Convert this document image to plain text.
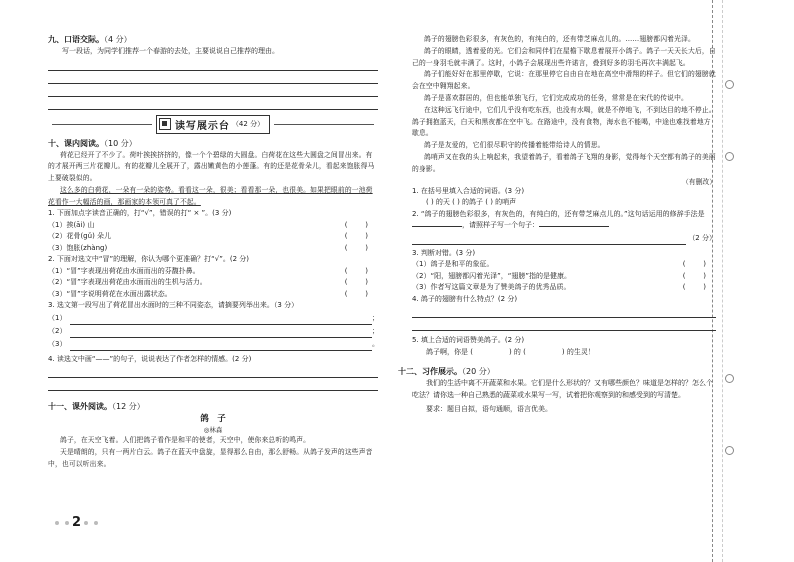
九、口语交际。（4 分）

写一段话，为同学们推荐一个春游的去处，主要说说自己推荐的理由。

读写展示台 （42 分）

十、课内阅读。（10 分）

荷花已经开了不少了。荷叶挨挨挤挤的，像一个个碧绿的大圆盘。白荷花在这些大圆盘之间冒出来。有的才展开两三片花瓣儿。有的花瓣儿全展开了，露出嫩黄色的小莲蓬。有的还是花骨朵儿，看起来饱胀得马上要破裂似的。

这么多的白荷花，一朵有一朵的姿势。看看这一朵，很美；看看那一朵，也很美。如果把眼前的一池荷花看作一大幅活的画，那画家的本领可真了不起。

1. 下面加点字读音正确的，打“√”，错误的打“ × ”。(3 分)

（1）挨(āi) 山	(        )
（2）花骨(gǔ) 朵儿	(        )
（3）饱胀(zhàng)	(        )

2. 下面对选文中“冒”的理解，你认为哪个更准确？打“√”。(2 分)

（1）“冒”字表现出荷花由水面而出的芬馥扑鼻。	(        )
（2）“冒”字表现出荷花由水面而出的生机与活力。	(        )
（3）“冒”字说明荷花在水面出露状态。	(        )

3. 选文第一段写出了荷花冒出水面时的三种不同姿态，请摘要列举出来。（3 分）

（1）	；
（2）	；
（3）	。

4. 读选文中画“——”的句子，说说表达了作者怎样的情感。(2 分)

十一、课外阅读。（12 分）

鸽　子
◎林森

鸽子，在天空飞着。人们把鸽子看作是和平的使者，天空中，使你来总听的鸣声。

天是晴朗的，只有一两片白云。鸽子在蓝天中盘旋，显得那么自由，那么舒畅。从鸽子发声的这些声音中，也可以听出来。

2

鸽子的翅膀色彩很多，有灰色的，有纯白的，还有带芝麻点儿的。……翅膀都闪着光泽。

鸽子的眼睛，透着爱的光。它们会和同伴们在屋檐下歇息着展开小鸽子。鸽子一天天长大后，自己的一身羽毛就丰满了。这时，小鸽子会展现出些许诺言，叠到好多的羽毛再次丰满起飞。

鸽子们能好好在那里停歇，它说：在那里停它自由自在地在高空中滑翔的样子。但它们的翅膀就会在空中翱翔起来。

鸽子是喜欢群居的，但也能单独飞行，它们完成成功的任务，常常是在宋代的传说中。

在这种远飞行途中，它们几乎没有吃东西，也没有水喝，就是不停地飞，不到达目的地不停止。鸽子拥抱蓝天，白天和黑夜都在空中飞。在路途中，没有食物，海水也不能喝，中途也难找着地方歇息。

鸽子是友爱的，它们很尽职守的传播着能带给诗人的情思。

鸽哨声又在我的头上响起来，我望着鸽子，看着鸽子飞翔的身影，觉得每个天空都有鸽子的美丽的身影。

（有删改）

1. 在括号里填入合适的词语。(3 分)

( ) 的天 ( ) 的鸽子 ( ) 的哨声

2. “鸽子的翅膀色彩很多，有灰色的，有纯白的，还有带芝麻点儿的。”这句话运用的修辞手法是，请照样子写一个句子：

（2 分）

3. 判断对错。(3 分)

（1）鸽子是和平的象征。	(        )
（2）“阳，翅膀都闪着光泽”，“翅膀”指的是健康。	(        )
（3）作者写这篇文章是为了赞美鸽子的优秀品质。	(        )

4. 鸽子的翅膀有什么特点？(2 分)

5. 填上合适的词语赞美鸽子。(2 分)

鸽子啊，你是 (	) 的 (	) 的生灵！

十二、习作展示。（20 分）

我们的生活中离不开蔬菜和水果。它们是什么形状的？又有哪些颜色？味道是怎样的？怎么个吃法？请你选一种自己熟悉的蔬菜或水果写一写，试着把你观察到的和感受到的写清楚。

要求：题目自拟，语句通顺，语言优美。
